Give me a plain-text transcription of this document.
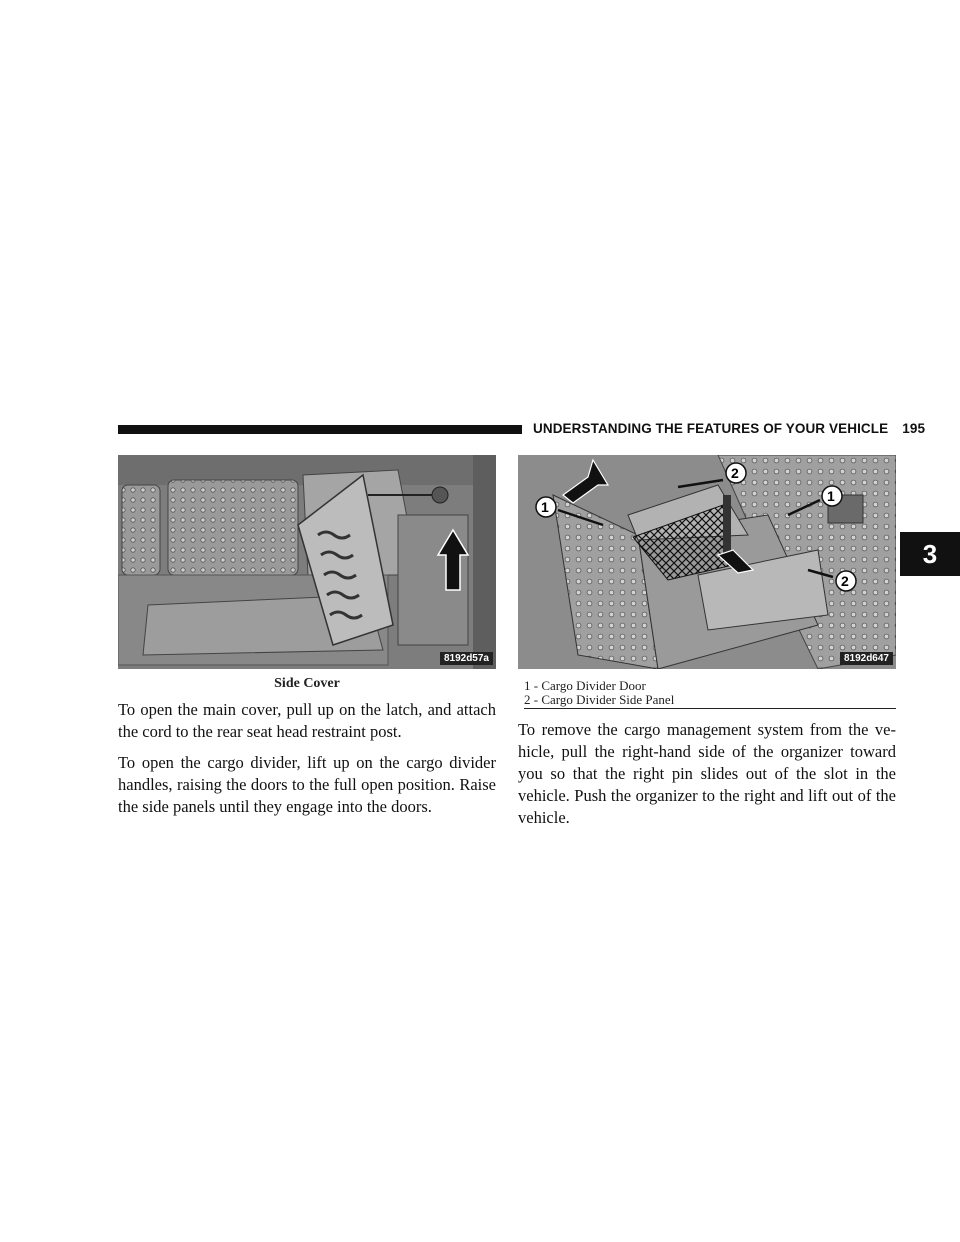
UNDERSTANDING THE FEATURES OF YOUR VEHICLE 195
8192d57a
Side Cover
1
2
1
2
8192d647
1 - Cargo Divider Door
2 - Cargo Divider Side Panel

To open the main cover, pull up on the latch, and attach the cord to the rear seat head restraint post.

To open the cargo divider, lift up on the cargo divider handles, raising the doors to the full open position. Raise the side panels until they engage into the doors.

To remove the cargo management system from the ve-hicle, pull the right-hand side of the organizer toward you so that the right pin slides out of the slot in the vehicle. Push the organizer to the right and lift out of the vehicle.

3
